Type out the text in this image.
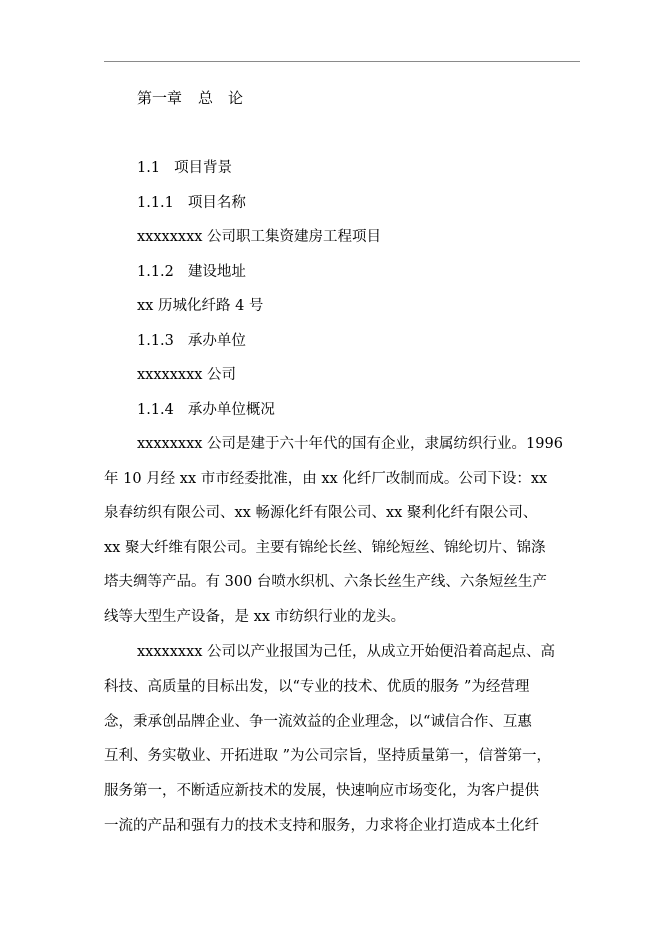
第一章 总　论
1.1 项目背景
1.1.1 项目名称
xxxxxxxx 公司职工集资建房工程项目
1.1.2 建设地址
xx 历城化纤路 4 号
1.1.3 承办单位
xxxxxxxx 公司
1.1.4 承办单位概况
xxxxxxxx 公司是建于六十年代的国有企业，隶属纺织行业。1996
年 10 月经 xx 市市经委批准，由 xx 化纤厂改制而成。公司下设：xx
泉春纺织有限公司、xx 畅源化纤有限公司、xx 聚利化纤有限公司、
xx 聚大纤维有限公司。主要有锦纶长丝、锦纶短丝、锦纶切片、锦涤
塔夫绸等产品。有 300 台喷水织机、六条长丝生产线、六条短丝生产
线等大型生产设备，是 xx 市纺织行业的龙头。
xxxxxxxx 公司以产业报国为己任，从成立开始便沿着高起点、高
科技、高质量的目标出发，以“专业的技术、优质的服务 ”为经营理
念，秉承创品牌企业、争一流效益的企业理念，以“诚信合作、互惠
互利、务实敬业、开拓进取 ”为公司宗旨，坚持质量第一，信誉第一，
服务第一，不断适应新技术的发展，快速响应市场变化，为客户提供
一流的产品和强有力的技术支持和服务，力求将企业打造成本土化纤
